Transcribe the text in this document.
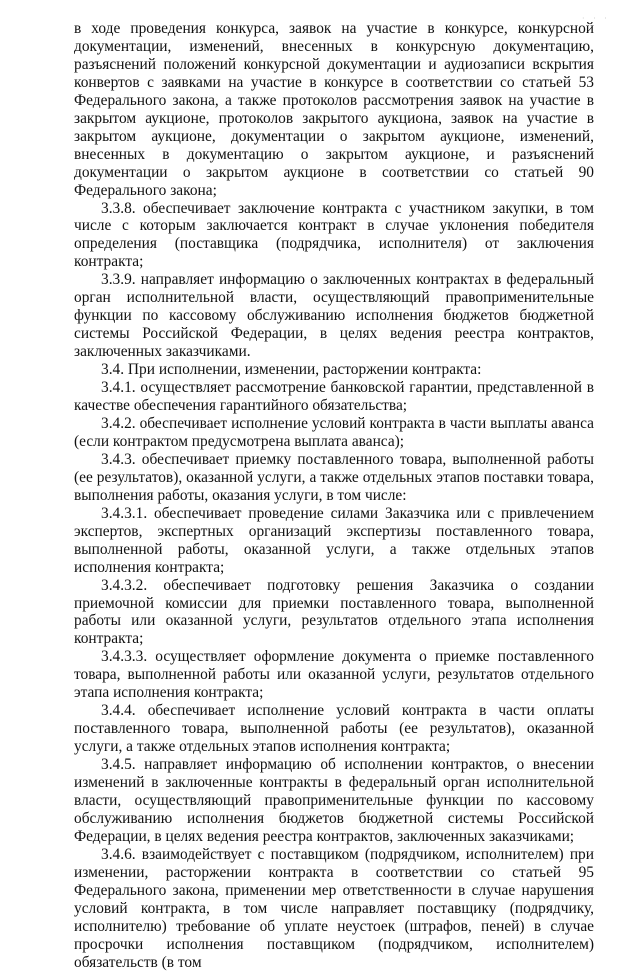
· · ·

в ходе проведения конкурса, заявок на участие в конкурсе, конкурсной документации, изменений, внесенных в конкурсную документацию, разъяснений положений конкурсной документации и аудиозаписи вскрытия конвертов с заявками на участие в конкурсе в соответствии со статьей 53 Федерального закона, а также протоколов рассмотрения заявок на участие в закрытом аукционе, протоколов закрытого аукциона, заявок на участие в закрытом аукционе, документации о закрытом аукционе, изменений, внесенных в документацию о закрытом аукционе, и разъяснений документации о закрытом аукционе в соответствии со статьей 90 Федерального закона;

3.3.8. обеспечивает заключение контракта с участником закупки, в том числе с которым заключается контракт в случае уклонения победителя определения (поставщика (подрядчика, исполнителя) от заключения контракта;

3.3.9. направляет информацию о заключенных контрактах в федеральный орган исполнительной власти, осуществляющий правоприменительные функции по кассовому обслуживанию исполнения бюджетов бюджетной системы Российской Федерации, в целях ведения реестра контрактов, заключенных заказчиками.

3.4. При исполнении, изменении, расторжении контракта:

3.4.1. осуществляет рассмотрение банковской гарантии, представленной в качестве обеспечения гарантийного обязательства;

3.4.2. обеспечивает исполнение условий контракта в части выплаты аванса (если контрактом предусмотрена выплата аванса);

3.4.3. обеспечивает приемку поставленного товара, выполненной работы (ее результатов), оказанной услуги, а также отдельных этапов поставки товара, выполнения работы, оказания услуги, в том числе:

3.4.3.1. обеспечивает проведение силами Заказчика или с привлечением экспертов, экспертных организаций экспертизы поставленного товара, выполненной работы, оказанной услуги, а также отдельных этапов исполнения контракта;

3.4.3.2. обеспечивает подготовку решения Заказчика о создании приемочной комиссии для приемки поставленного товара, выполненной работы или оказанной услуги, результатов отдельного этапа исполнения контракта;

3.4.3.3. осуществляет оформление документа о приемке поставленного товара, выполненной работы или оказанной услуги, результатов отдельного этапа исполнения контракта;

3.4.4. обеспечивает исполнение условий контракта в части оплаты поставленного товара, выполненной работы (ее результатов), оказанной услуги, а также отдельных этапов исполнения контракта;

3.4.5. направляет информацию об исполнении контрактов, о внесении изменений в заключенные контракты в федеральный орган исполнительной власти, осуществляющий правоприменительные функции по кассовому обслуживанию исполнения бюджетов бюджетной системы Российской Федерации, в целях ведения реестра контрактов, заключенных заказчиками;

3.4.6. взаимодействует с поставщиком (подрядчиком, исполнителем) при изменении, расторжении контракта в соответствии со статьей 95 Федерального закона, применении мер ответственности в случае нарушения условий контракта, в том числе направляет поставщику (подрядчику, исполнителю) требование об уплате неустоек (штрафов, пеней) в случае просрочки исполнения поставщиком (подрядчиком, исполнителем) обязательств (в том
